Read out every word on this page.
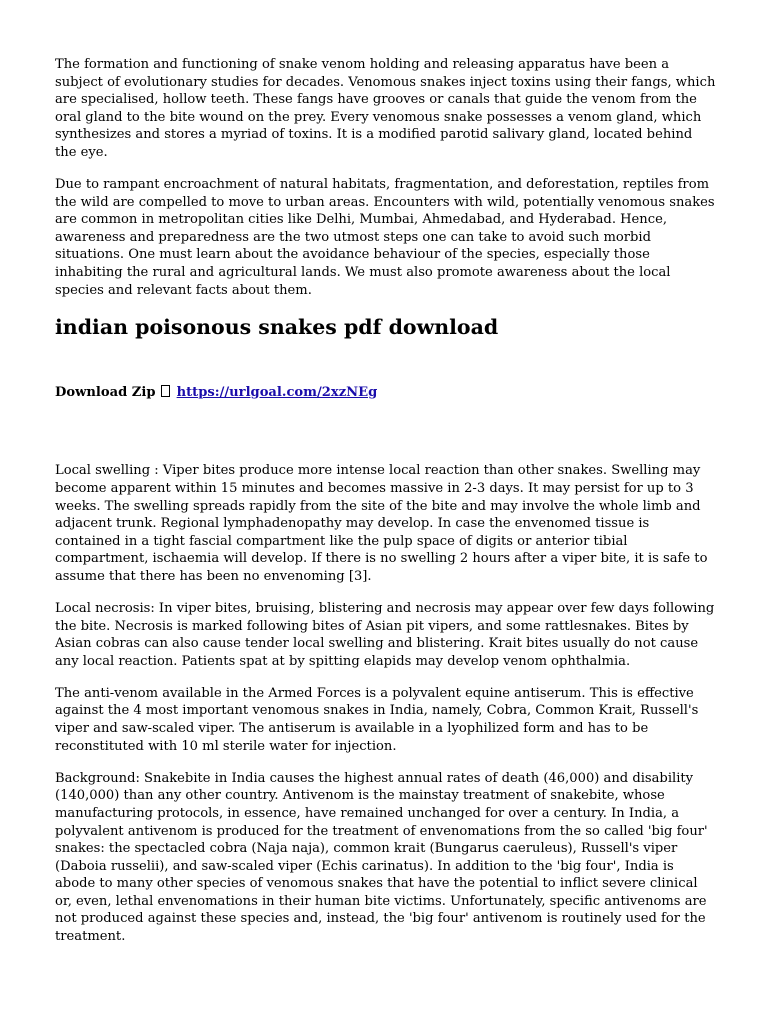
The formation and functioning of snake venom holding and releasing apparatus have been a subject of evolutionary studies for decades. Venomous snakes inject toxins using their fangs, which are specialised, hollow teeth. These fangs have grooves or canals that guide the venom from the oral gland to the bite wound on the prey. Every venomous snake possesses a venom gland, which synthesizes and stores a myriad of toxins. It is a modified parotid salivary gland, located behind the eye.

Due to rampant encroachment of natural habitats, fragmentation, and deforestation, reptiles from the wild are compelled to move to urban areas. Encounters with wild, potentially venomous snakes are common in metropolitan cities like Delhi, Mumbai, Ahmedabad, and Hyderabad. Hence, awareness and preparedness are the two utmost steps one can take to avoid such morbid situations. One must learn about the avoidance behaviour of the species, especially those inhabiting the rural and agricultural lands. We must also promote awareness about the local species and relevant facts about them.

indian poisonous snakes pdf download
Download Zip https://urlgoal.com/2xzNEg

Local swelling : Viper bites produce more intense local reaction than other snakes. Swelling may become apparent within 15 minutes and becomes massive in 2-3 days. It may persist for up to 3 weeks. The swelling spreads rapidly from the site of the bite and may involve the whole limb and adjacent trunk. Regional lymphadenopathy may develop. In case the envenomed tissue is contained in a tight fascial compartment like the pulp space of digits or anterior tibial compartment, ischaemia will develop. If there is no swelling 2 hours after a viper bite, it is safe to assume that there has been no envenoming [3].

Local necrosis: In viper bites, bruising, blistering and necrosis may appear over few days following the bite. Necrosis is marked following bites of Asian pit vipers, and some rattlesnakes. Bites by Asian cobras can also cause tender local swelling and blistering. Krait bites usually do not cause any local reaction. Patients spat at by spitting elapids may develop venom ophthalmia.

The anti-venom available in the Armed Forces is a polyvalent equine antiserum. This is effective against the 4 most important venomous snakes in India, namely, Cobra, Common Krait, Russell's viper and saw-scaled viper. The antiserum is available in a lyophilized form and has to be reconstituted with 10 ml sterile water for injection.

Background: Snakebite in India causes the highest annual rates of death (46,000) and disability (140,000) than any other country. Antivenom is the mainstay treatment of snakebite, whose manufacturing protocols, in essence, have remained unchanged for over a century. In India, a polyvalent antivenom is produced for the treatment of envenomations from the so called 'big four' snakes: the spectacled cobra (Naja naja), common krait (Bungarus caeruleus), Russell's viper (Daboia russelii), and saw-scaled viper (Echis carinatus). In addition to the 'big four', India is abode to many other species of venomous snakes that have the potential to inflict severe clinical or, even, lethal envenomations in their human bite victims. Unfortunately, specific antivenoms are not produced against these species and, instead, the 'big four' antivenom is routinely used for the treatment.
